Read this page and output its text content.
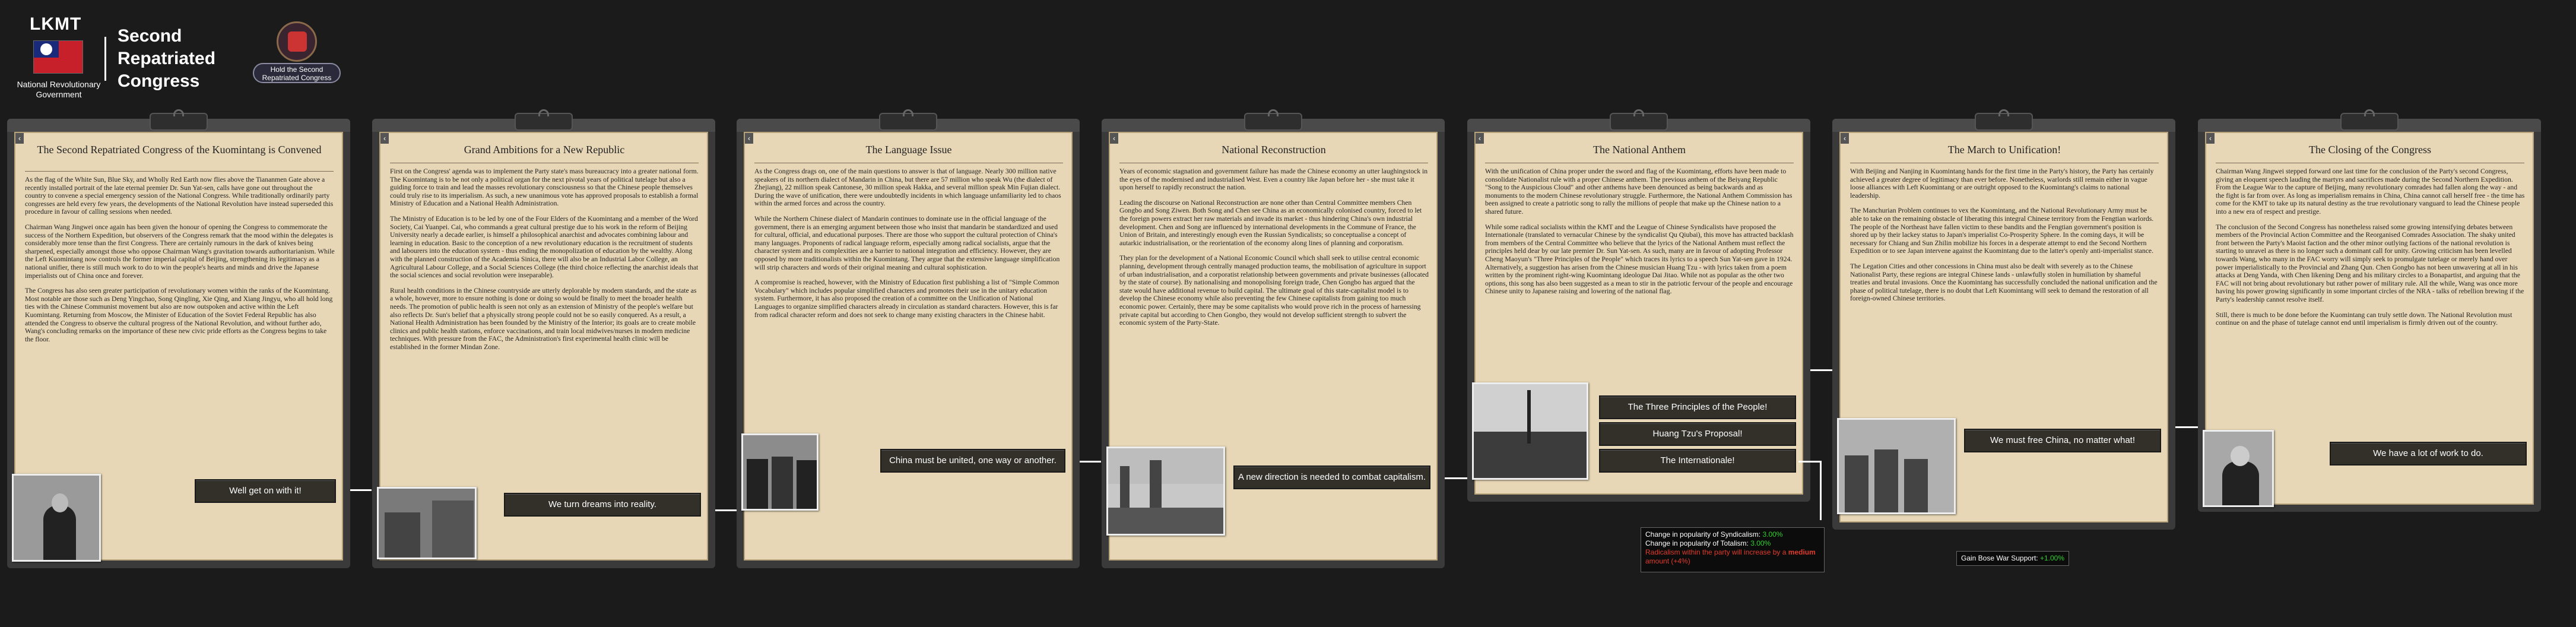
LKMT
National Revolutionary Government
Second Repatriated Congress
Hold the Second Repatriated Congress
‹
The Second Repatriated Congress of the Kuomintang is Convened

As the flag of the White Sun, Blue Sky, and Wholly Red Earth now flies above the Tiananmen Gate above a recently installed portrait of the late eternal premier Dr. Sun Yat-sen, calls have gone out throughout the country to convene a special emergency session of the National Congress. While traditionally ordinarily party congresses are held every few years, the developments of the National Revolution have instead superseded this procedure in favour of calling sessions when needed.

Chairman Wang Jingwei once again has been given the honour of opening the Congress to commemorate the success of the Northern Expedition, but observers of the Congress remark that the mood within the delegates is considerably more tense than the first Congress. There are certainly rumours in the dark of knives being sharpened, especially amongst those who oppose Chairman Wang's gravitation towards authoritarianism. While the Left Kuomintang now controls the former imperial capital of Beijing, strengthening its legitimacy as a national unifier, there is still much work to do to win the people's hearts and minds and drive the Japanese imperialists out of China once and forever.

The Congress has also seen greater participation of revolutionary women within the ranks of the Kuomintang. Most notable are those such as Deng Yingchao, Song Qingling, Xie Qing, and Xiang Jingyu, who all hold long ties with the Chinese Communist movement but also are now outspoken and active within the Left Kuomintang. Returning from Moscow, the Minister of Education of the Soviet Federal Republic has also attended the Congress to observe the cultural progress of the National Revolution, and without further ado, Wang's concluding remarks on the importance of these new civic pride efforts as the Congress begins to take the floor.

Well get on with it!
‹
Grand Ambitions for a New Republic

First on the Congress' agenda was to implement the Party state's mass bureaucracy into a greater national form. The Kuomintang is to be not only a political organ for the next pivotal years of political tutelage but also a guiding force to train and lead the masses revolutionary consciousness so that the Chinese people themselves could truly rise to its imperialism. As such, a new unanimous vote has approved proposals to establish a formal Ministry of Education and a National Health Administration.

The Ministry of Education is to be led by one of the Four Elders of the Kuomintang and a member of the Word Society, Cai Yuanpei. Cai, who commands a great cultural prestige due to his work in the reform of Beijing University nearly a decade earlier, is himself a philosophical anarchist and advocates combining labour and learning in education. Basic to the conception of a new revolutionary education is the recruitment of students and labourers into the education system - thus ending the monopolization of education by the wealthy. Along with the planned construction of the Academia Sinica, there will also be an Industrial Labor College, an Agricultural Labour College, and a Social Sciences College (the third choice reflecting the anarchist ideals that the social sciences and social revolution were inseparable).

Rural health conditions in the Chinese countryside are utterly deplorable by modern standards, and the state as a whole, however, more to ensure nothing is done or doing so would be finally to meet the broader health needs. The promotion of public health is seen not only as an extension of Ministry of the people's welfare but also reflects Dr. Sun's belief that a physically strong people could not be so easily conquered. As a result, a National Health Administration has been founded by the Ministry of the Interior; its goals are to create mobile clinics and public health stations, enforce vaccinations, and train local midwives/nurses in modern medicine techniques. With pressure from the FAC, the Administration's first experimental health clinic will be established in the former Mindan Zone.

We turn dreams into reality.
‹
The Language Issue

As the Congress drags on, one of the main questions to answer is that of language. Nearly 300 million native speakers of its northern dialect of Mandarin in China, but there are 57 million who speak Wu (the dialect of Zhejiang), 22 million speak Cantonese, 30 million speak Hakka, and several million speak Min Fujian dialect. During the wave of unification, there were undoubtedly incidents in which language unfamiliarity led to chaos within the armed forces and across the country.

While the Northern Chinese dialect of Mandarin continues to dominate use in the official language of the government, there is an emerging argument between those who insist that mandarin be standardized and used for cultural, official, and educational purposes. There are those who support the cultural protection of China's many languages. Proponents of radical language reform, especially among radical socialists, argue that the character system and its complexities are a barrier to national integration and efficiency. However, they are opposed by more traditionalists within the Kuomintang. They argue that the extensive language simplification will strip characters and words of their original meaning and cultural sophistication.

A compromise is reached, however, with the Ministry of Education first publishing a list of "Simple Common Vocabulary" which includes popular simplified characters and promotes their use in the unitary education system. Furthermore, it has also proposed the creation of a committee on the Unification of National Languages to organize simplified characters already in circulation as standard characters. However, this is far from radical character reform and does not seek to change many existing characters in the Chinese habit.

China must be united, one way or another.
‹
National Reconstruction

Years of economic stagnation and government failure has made the Chinese economy an utter laughingstock in the eyes of the modernised and industrialised West. Even a country like Japan before her - she must take it upon herself to rapidly reconstruct the nation.

Leading the discourse on National Reconstruction are none other than Central Committee members Chen Gongbo and Song Ziwen. Both Song and Chen see China as an economically colonised country, forced to let the foreign powers extract her raw materials and invade its market - thus hindering China's own industrial development. Chen and Song are influenced by international developments in the Commune of France, the Union of Britain, and interestingly enough even the Russian Syndicalists; so conceptualise a concept of autarkic industrialisation, or the reorientation of the economy along lines of planning and corporatism.

They plan for the development of a National Economic Council which shall seek to utilise central economic planning, development through centrally managed production teams, the mobilisation of agriculture in support of urban industrialisation, and a corporatist relationship between governments and private businesses (allocated by the state of course). By nationalising and monopolising foreign trade, Chen Gongbo has argued that the state would have additional revenue to build capital. The ultimate goal of this state-capitalist model is to develop the Chinese economy while also preventing the few Chinese capitalists from gaining too much economic power. Certainly, there may be some capitalists who would prove rich in the process of harnessing private capital but according to Chen Gongbo, they would not develop sufficient strength to subvert the economic system of the Party-State.

A new direction is needed to combat capitalism.
‹
The National Anthem

With the unification of China proper under the sword and flag of the Kuomintang, efforts have been made to consolidate Nationalist rule with a proper Chinese anthem. The previous anthem of the Beiyang Republic "Song to the Auspicious Cloud" and other anthems have been denounced as being backwards and as monuments to the modern Chinese revolutionary struggle. Furthermore, the National Anthem Commission has been assigned to create a patriotic song to rally the millions of people that make up the Chinese nation to a shared future.

While some radical socialists within the KMT and the League of Chinese Syndicalists have proposed the Internationale (translated to vernacular Chinese by the syndicalist Qu Qiubai), this move has attracted backlash from members of the Central Committee who believe that the lyrics of the National Anthem must reflect the principles held dear by our late premier Dr. Sun Yat-sen. As such, many are in favour of adopting Professor Cheng Maoyun's "Three Principles of the People" which traces its lyrics to a speech Sun Yat-sen gave in 1924. Alternatively, a suggestion has arisen from the Chinese musician Huang Tzu - with lyrics taken from a poem written by the prominent right-wing Kuomintang ideologue Dai Jitao. While not as popular as the other two options, this song has also been suggested as a mean to stir in the patriotic fervour of the people and encourage Chinese unity to Japanese raising and lowering of the national flag.

The Three Principles of the People!
Huang Tzu's Proposal!
The Internationale!
Change in popularity of Syndicalism: 3.00%
Change in popularity of Totalism: 3.00%
Radicalism within the party will increase by a medium amount (+4%)	Gain Bose War Support: +1.00%
‹
The March to Unification!

With Beijing and Nanjing in Kuomintang hands for the first time in the Party's history, the Party has certainly achieved a greater degree of legitimacy than ever before. Nonetheless, warlords still remain either in vague loose alliances with Left Kuomintang or are outright opposed to the Kuomintang's claims to national leadership.

The Manchurian Problem continues to vex the Kuomintang, and the National Revolutionary Army must be able to take on the remaining obstacle of liberating this integral Chinese territory from the Fengtian warlords. The people of the Northeast have fallen victim to these bandits and the Fengtian government's position is shored up by their lackey status to Japan's imperialist Co-Prosperity Sphere. In the coming days, it will be necessary for Chiang and Sun Zhilin mobilize his forces in a desperate attempt to end the Second Northern Expedition or to see Japan intervene against the Kuomintang due to the latter's openly anti-imperialist stance.

The Legation Cities and other concessions in China must also be dealt with severely as to the Chinese Nationalist Party, these regions are integral Chinese lands - unlawfully stolen in humiliation by shameful treaties and brutal invasions. Once the Kuomintang has successfully concluded the national unification and the phase of political tutelage, there is no doubt that Left Kuomintang will seek to demand the restoration of all foreign-owned Chinese territories.

We must free China, no matter what!
‹
The Closing of the Congress

Chairman Wang Jingwei stepped forward one last time for the conclusion of the Party's second Congress, giving an eloquent speech lauding the martyrs and sacrifices made during the Second Northern Expedition. From the League War to the capture of Beijing, many revolutionary comrades had fallen along the way - and the fight is far from over. As long as imperialism remains in China, China cannot call herself free - the time has come for the KMT to take up its natural destiny as the true revolutionary vanguard to lead the Chinese people into a new era of respect and prestige.

The conclusion of the Second Congress has nonetheless raised some growing intensifying debates between members of the Provincial Action Committee and the Reorganised Comrades Association. The shaky united front between the Party's Maoist faction and the other minor outlying factions of the national revolution is starting to unravel as there is no longer such a dominant call for unity. Growing criticism has been levelled towards Wang, who many in the FAC worry will simply seek to promulgate tutelage or merely hand over power imperialistically to the Provincial and Zhang Qun. Chen Gongbo has not been unwavering at all in his attacks at Deng Yanda, with Chen likening Deng and his military circles to a Bonapartist, and arguing that the FAC will not bring about revolutionary but rather power of military rule. All the while, Wang was once more having his power growing significantly in some important circles of the NRA - talks of rebellion brewing if the Party's leadership cannot resolve itself.

Still, there is much to be done before the Kuomintang can truly settle down. The National Revolution must continue on and the phase of tutelage cannot end until imperialism is firmly driven out of the country.

We have a lot of work to do.
